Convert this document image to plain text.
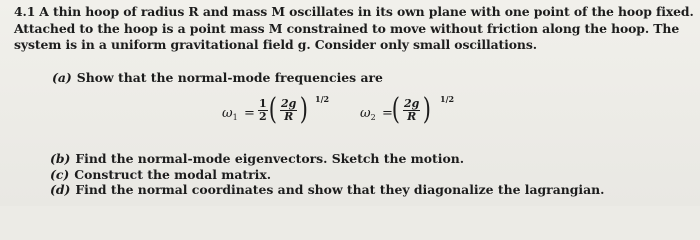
4.1 A thin hoop of radius R and mass M oscillates in its own plane with one point of the hoop fixed.
Attached to the hoop is a point mass M constrained to move without friction along the hoop. The
system is in a uniform gravitational field g. Consider only small oscillations.
(a) Show that the normal-mode frequencies are
$\omega_1 = \frac{1}{2}$ ( $\frac{2g}{R}$ ) 1/2
$\omega_2$ =
( $\frac{2g}{R}$ ) 1/2
(b) Find the normal-mode eigenvectors. Sketch the motion.
(c) Construct the modal matrix.
(d) Find the normal coordinates and show that they diagonalize the lagrangian.
